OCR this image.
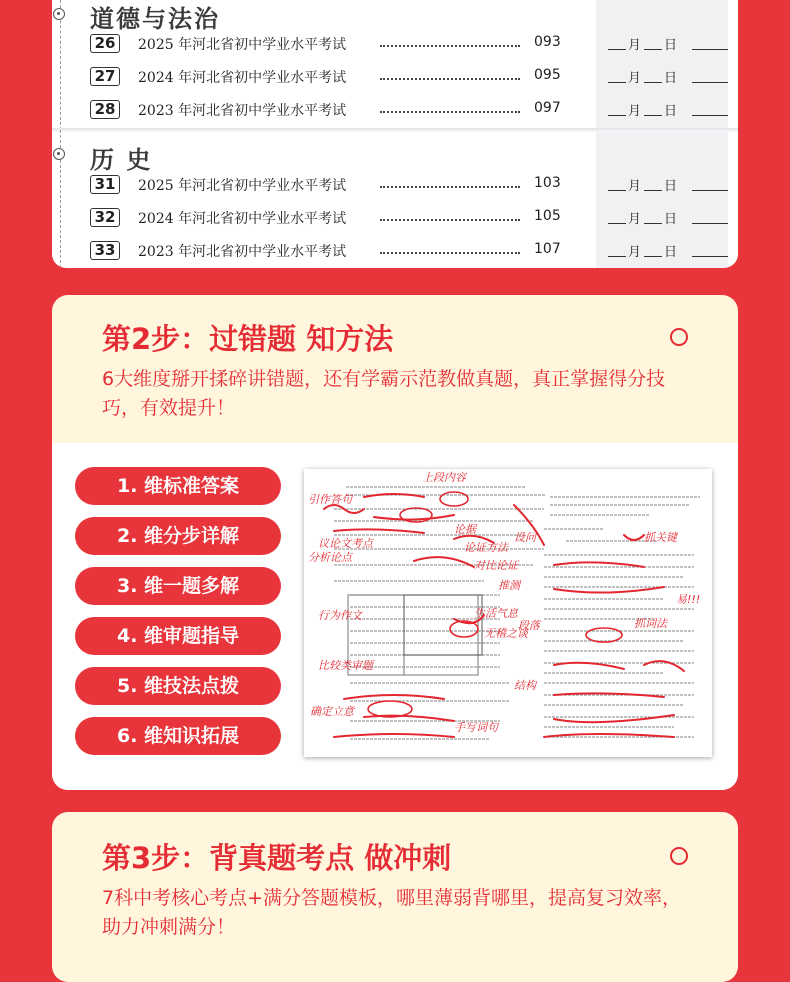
道德与法治
26	2025 年河北省初中学业水平考试	093	月 日
27	2024 年河北省初中学业水平考试	095	月 日
28	2023 年河北省初中学业水平考试	097	月 日
历 史
31	2025 年河北省初中学业水平考试	103	月 日
32	2024 年河北省初中学业水平考试	105	月 日
33	2023 年河北省初中学业水平考试	107	月 日
第2步：过错题 知方法
6大维度掰开揉碎讲错题，还有学霸示范教做真题，真正掌握得分技巧，有效提升！
1. 维标准答案
2. 维分步详解
3. 维一题多解
4. 维审题指导
5. 维技法点拨
6. 维知识拓展
引作答句
上段内容
议论文考点
分析论点
论据
论证方法
对比论证
行为作文
比较类审题
确定立意
推测
生活气息
无稽之谈
抓关键
手写词句
抓词法
易!!!
设问
段落
结构
第3步：背真题考点 做冲刺
7科中考核心考点+满分答题模板，哪里薄弱背哪里，提高复习效率，助力冲刺满分！
